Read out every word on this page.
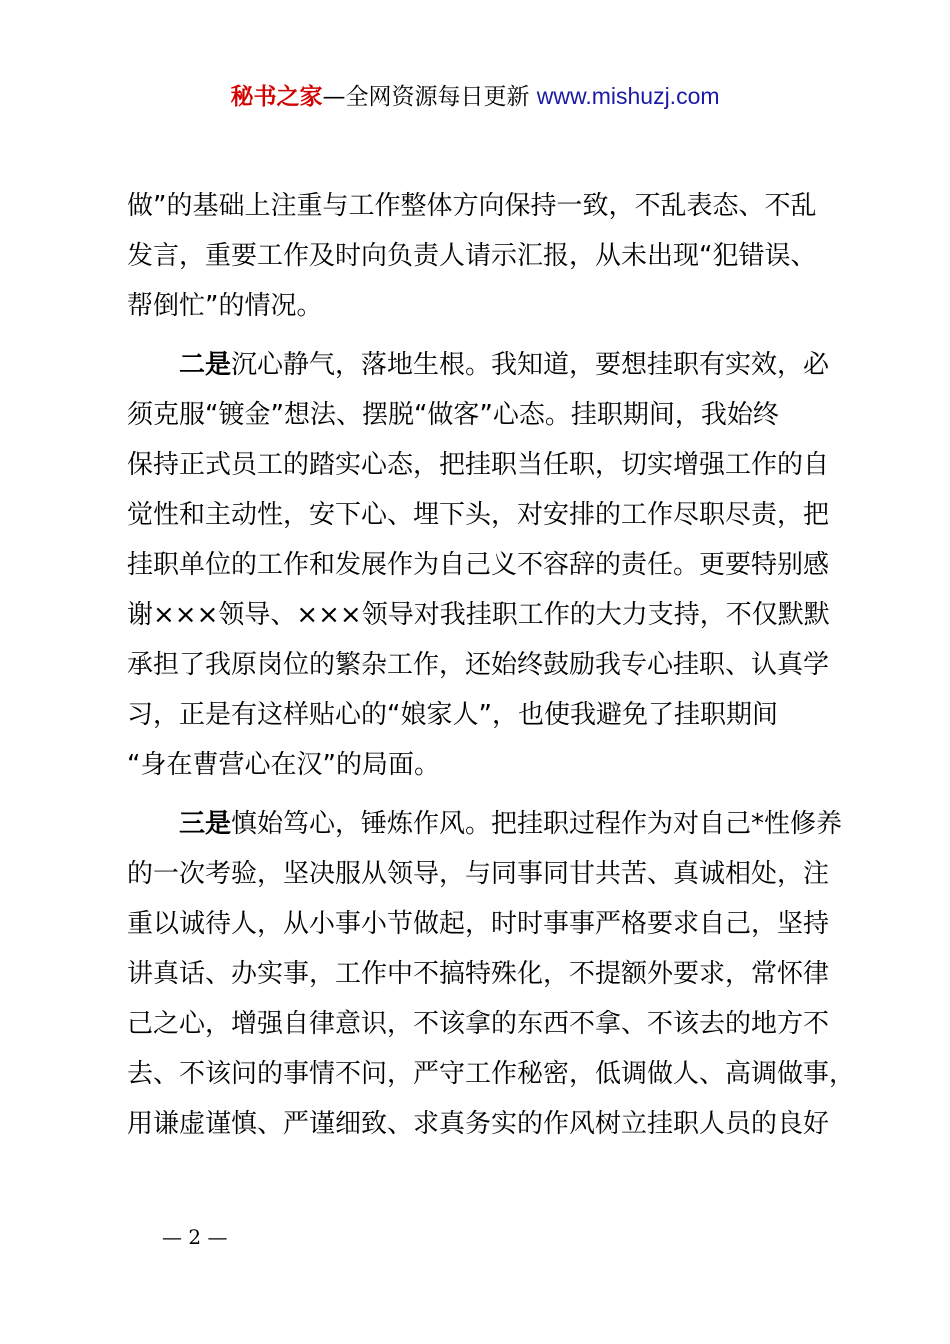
秘书之家—全网资源每日更新 www.mishuzj.com
做”的基础上注重与工作整体方向保持一致，不乱表态、不乱
发言，重要工作及时向负责人请示汇报，从未出现“犯错误、
帮倒忙”的情况。
二是沉心静气，落地生根。我知道，要想挂职有实效，必
须克服“镀金”想法、摆脱“做客”心态。挂职期间，我始终
保持正式员工的踏实心态，把挂职当任职，切实增强工作的自
觉性和主动性，安下心、埋下头，对安排的工作尽职尽责，把
挂职单位的工作和发展作为自己义不容辞的责任。更要特别感
谢×××领导、×××领导对我挂职工作的大力支持，不仅默默
承担了我原岗位的繁杂工作，还始终鼓励我专心挂职、认真学
习，正是有这样贴心的“娘家人”，也使我避免了挂职期间
“身在曹营心在汉”的局面。
三是慎始笃心，锤炼作风。把挂职过程作为对自己*性修养
的一次考验，坚决服从领导，与同事同甘共苦、真诚相处，注
重以诚待人，从小事小节做起，时时事事严格要求自己，坚持
讲真话、办实事，工作中不搞特殊化，不提额外要求，常怀律
己之心，增强自律意识，不该拿的东西不拿、不该去的地方不
去、不该问的事情不问，严守工作秘密，低调做人、高调做事，
用谦虚谨慎、严谨细致、求真务实的作风树立挂职人员的良好
— 2 —
